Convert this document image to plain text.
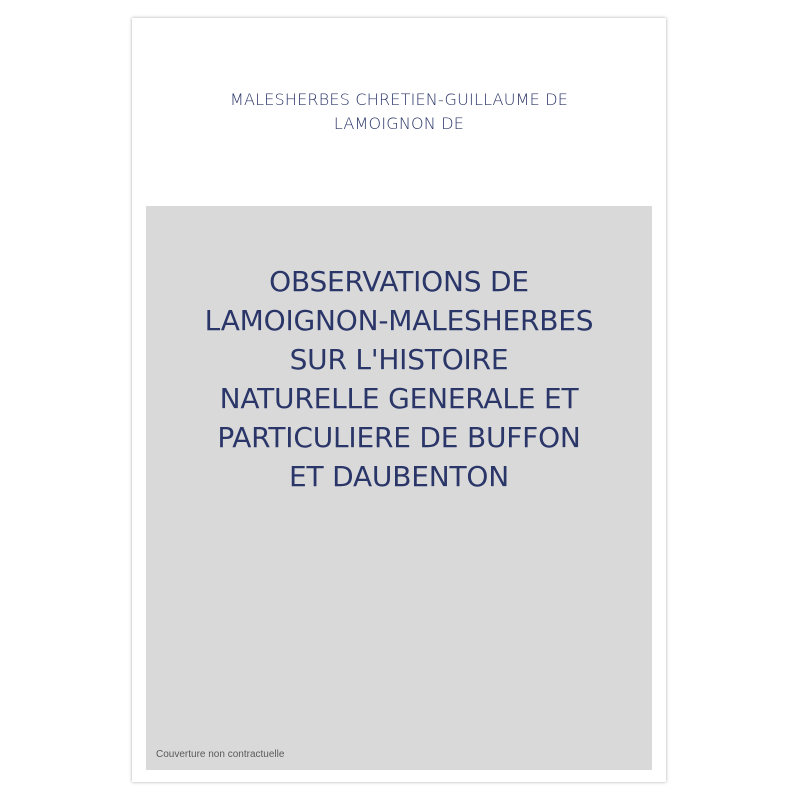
MALESHERBES CHRETIEN-GUILLAUME DE
LAMOIGNON DE
OBSERVATIONS DE
LAMOIGNON-MALESHERBES
SUR L'HISTOIRE
NATURELLE GENERALE ET
PARTICULIERE DE BUFFON
ET DAUBENTON
Couverture non contractuelle
